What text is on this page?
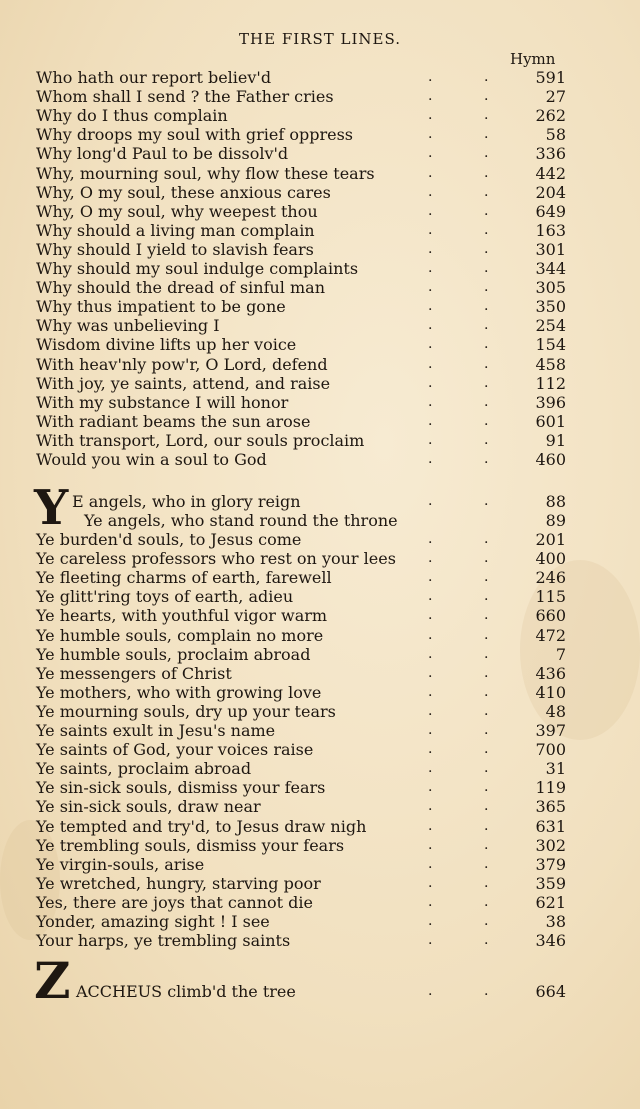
THE FIRST LINES.
Hymn
Who hath our report believ'd	.	.	591
Whom shall I send ? the Father cries	.	.	27
Why do I thus complain	.	.	262
Why droops my soul with grief oppress	.	.	58
Why long'd Paul to be dissolv'd	.	.	336
Why, mourning soul, why flow these tears	.	.	442
Why, O my soul, these anxious cares	.	.	204
Why, O my soul, why weepest thou	.	.	649
Why should a living man complain	.	.	163
Why should I yield to slavish fears	.	.	301
Why should my soul indulge complaints	.	.	344
Why should the dread of sinful man	.	.	305
Why thus impatient to be gone	.	.	350
Why was unbelieving I	.	.	254
Wisdom divine lifts up her voice	.	.	154
With heav'nly pow'r, O Lord, defend	.	.	458
With joy, ye saints, attend, and raise	.	.	112
With my substance I will honor	.	.	396
With radiant beams the sun arose	.	.	601
With transport, Lord, our souls proclaim	.	.	91
Would you win a soul to God	.	.	460
Ye burden'd souls, to Jesus come	.	.	201
Ye careless professors who rest on your lees .	.	400
Ye fleeting charms of earth, farewell	.	.	246
Ye glitt'ring toys of earth, adieu	.	.	115
Ye hearts, with youthful vigor warm	.	.	660
Ye humble souls, complain no more	.	.	472
Ye humble souls, proclaim abroad	.	.	7
Ye messengers of Christ	.	.	436
Ye mothers, who with growing love	.	.	410
Ye mourning souls, dry up your tears	.	.	48
Ye saints exult in Jesu's name	.	.	397
Ye saints of God, your voices raise	.	.	700
Ye saints, proclaim abroad	.	.	31
Ye sin-sick souls, dismiss your fears	.	.	119
Ye sin-sick souls, draw near	.	.	365
Ye tempted and try'd, to Jesus draw nigh	.	.	631
Ye trembling souls, dismiss your fears	.	.	302
Ye virgin-souls, arise	.	.	379
Ye wretched, hungry, starving poor	.	.	359
Yes, there are joys that cannot die	.	.	621
Yonder, amazing sight ! I see	.	.	38
Your harps, ye trembling saints	.	.	346
Y E angels, who in glory reign	.	.	88
Ye angels, who stand round the throne	89
Z ACCHEUS climb'd the tree	.	.	664
